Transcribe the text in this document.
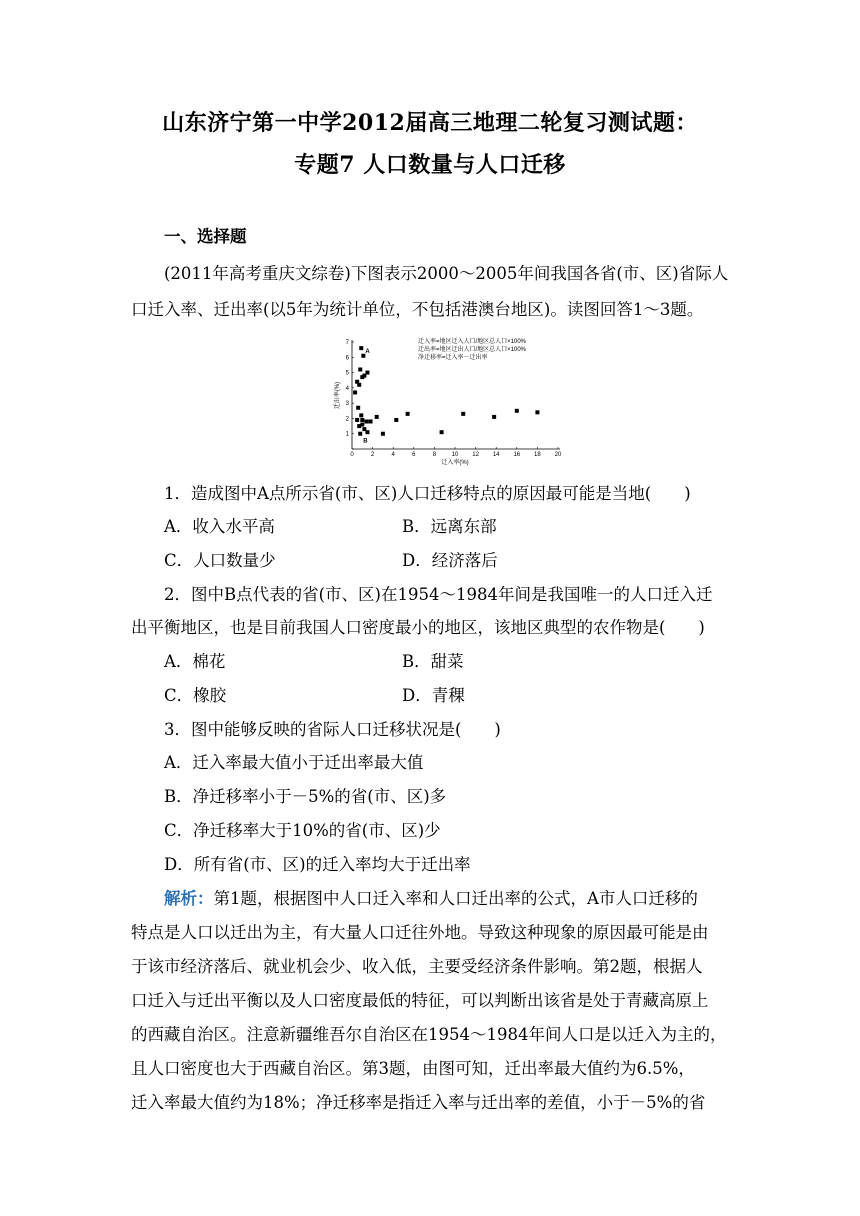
山东济宁第一中学2012届高三地理二轮复习测试题：
专题7 人口数量与人口迁移
一、选择题
(2011年高考重庆文综卷)下图表示2000～2005年间我国各省(市、区)省际人
口迁入率、迁出率(以5年为统计单位，不包括港澳台地区)。读图回答1～3题。
0	2	4	6	8	10 12 14 16 18 20
1
2
3
4
5
6
7
A
B
迁入率(%)
迁出率(%)
迁入率=地区迁入人口/地区总人口×100%
迁出率=地区迁出人口/地区总人口×100%
净迁移率=迁入率－迁出率
1．造成图中A点所示省(市、区)人口迁移特点的原因最可能是当地(　　)
A．收入水平高	B．远离东部
C．人口数量少	D．经济落后
2．图中B点代表的省(市、区)在1954～1984年间是我国唯一的人口迁入迁
出平衡地区，也是目前我国人口密度最小的地区，该地区典型的农作物是(　　)
A．棉花	B．甜菜
C．橡胶	D．青稞
3．图中能够反映的省际人口迁移状况是(　　)
A．迁入率最大值小于迁出率最大值
B．净迁移率小于－5%的省(市、区)多
C．净迁移率大于10%的省(市、区)少
D．所有省(市、区)的迁入率均大于迁出率
解析：第1题，根据图中人口迁入率和人口迁出率的公式，A市人口迁移的
特点是人口以迁出为主，有大量人口迁往外地。导致这种现象的原因最可能是由
于该市经济落后、就业机会少、收入低，主要受经济条件影响。第2题，根据人
口迁入与迁出平衡以及人口密度最低的特征，可以判断出该省是处于青藏高原上
的西藏自治区。注意新疆维吾尔自治区在1954～1984年间人口是以迁入为主的，
且人口密度也大于西藏自治区。第3题，由图可知，迁出率最大值约为6.5%，
迁入率最大值约为18%；净迁移率是指迁入率与迁出率的差值，小于－5%的省
